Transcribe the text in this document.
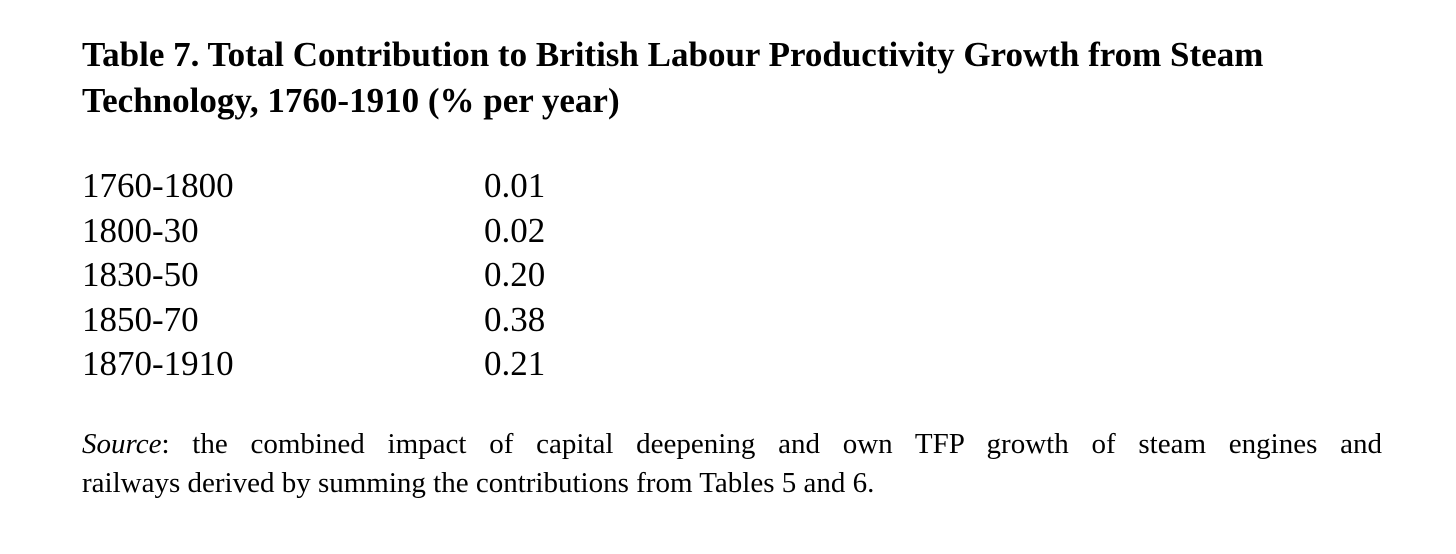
Table 7. Total Contribution to British Labour Productivity Growth from Steam
Technology, 1760-1910 (% per year)
1760-1800	0.01
1800-30	0.02
1830-50	0.20
1850-70	0.38
1870-1910	0.21

Source: the combined impact of capital deepening and own TFP growth of steam engines and
railways derived by summing the contributions from Tables 5 and 6.
